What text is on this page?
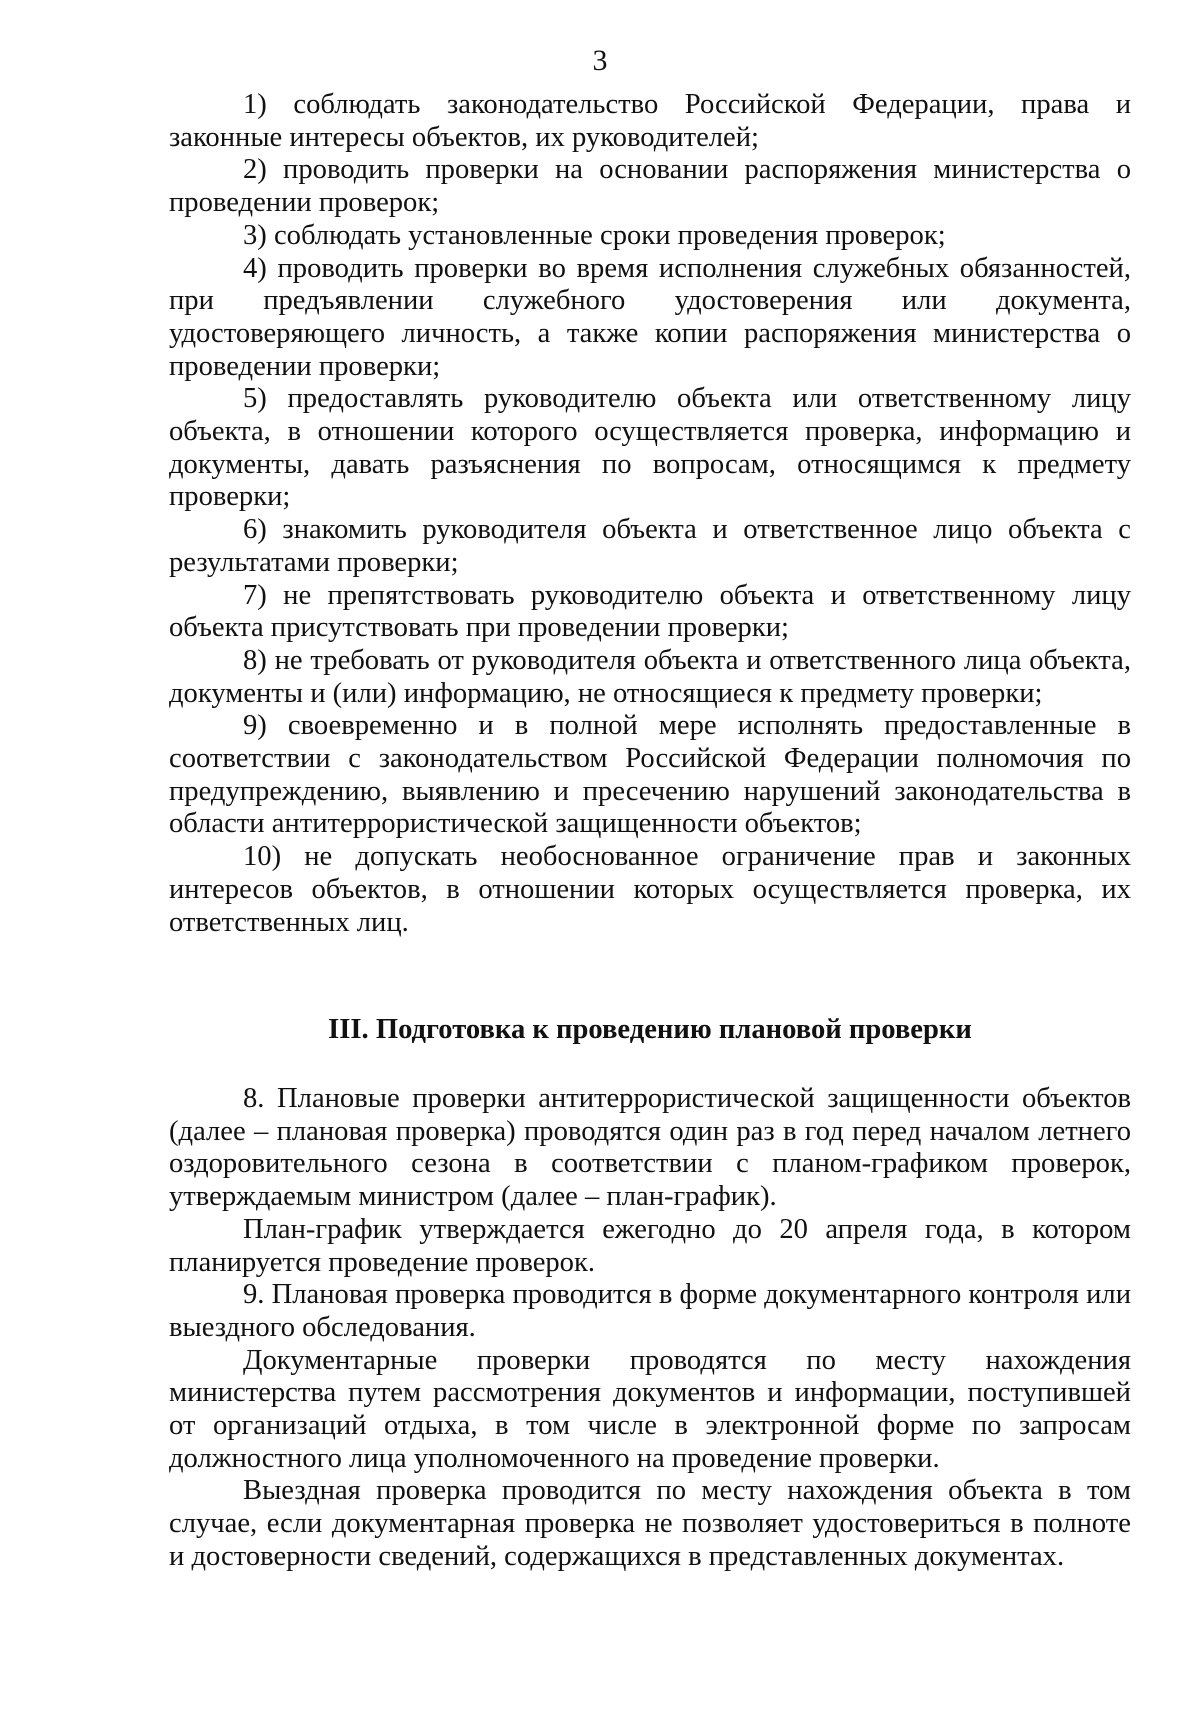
3

1) соблюдать законодательство Российской Федерации, права и законные интересы объектов, их руководителей;

2) проводить проверки на основании распоряжения министерства о проведении проверок;

3) соблюдать установленные сроки проведения проверок;

4) проводить проверки во время исполнения служебных обязанностей, при предъявлении служебного удостоверения или документа, удостоверяющего личность, а также копии распоряжения министерства о проведении проверки;

5) предоставлять руководителю объекта или ответственному лицу объекта, в отношении которого осуществляется проверка, информацию и документы, давать разъяснения по вопросам, относящимся к предмету проверки;

6) знакомить руководителя объекта и ответственное лицо объекта с результатами проверки;

7) не препятствовать руководителю объекта и ответственному лицу объекта присутствовать при проведении проверки;

8) не требовать от руководителя объекта и ответственного лица объекта, документы и (или) информацию, не относящиеся к предмету проверки;

9) своевременно и в полной мере исполнять предоставленные в соответствии с законодательством Российской Федерации полномочия по предупреждению, выявлению и пресечению нарушений законодательства в области антитеррористической защищенности объектов;

10) не допускать необоснованное ограничение прав и законных интересов объектов, в отношении которых осуществляется проверка, их ответственных лиц.

III. Подготовка к проведению плановой проверки

8. Плановые проверки антитеррористической защищенности объектов (далее – плановая проверка) проводятся один раз в год перед началом летнего оздоровительного сезона в соответствии с планом-графиком проверок, утверждаемым министром (далее – план-график).

План-график утверждается ежегодно до 20 апреля года, в котором планируется проведение проверок.

9. Плановая проверка проводится в форме документарного контроля или выездного обследования.

Документарные проверки проводятся по месту нахождения министерства путем рассмотрения документов и информации, поступившей от организаций отдыха, в том числе в электронной форме по запросам должностного лица уполномоченного на проведение проверки.

Выездная проверка проводится по месту нахождения объекта в том случае, если документарная проверка не позволяет удостовериться в полноте и достоверности сведений, содержащихся в представленных документах.
